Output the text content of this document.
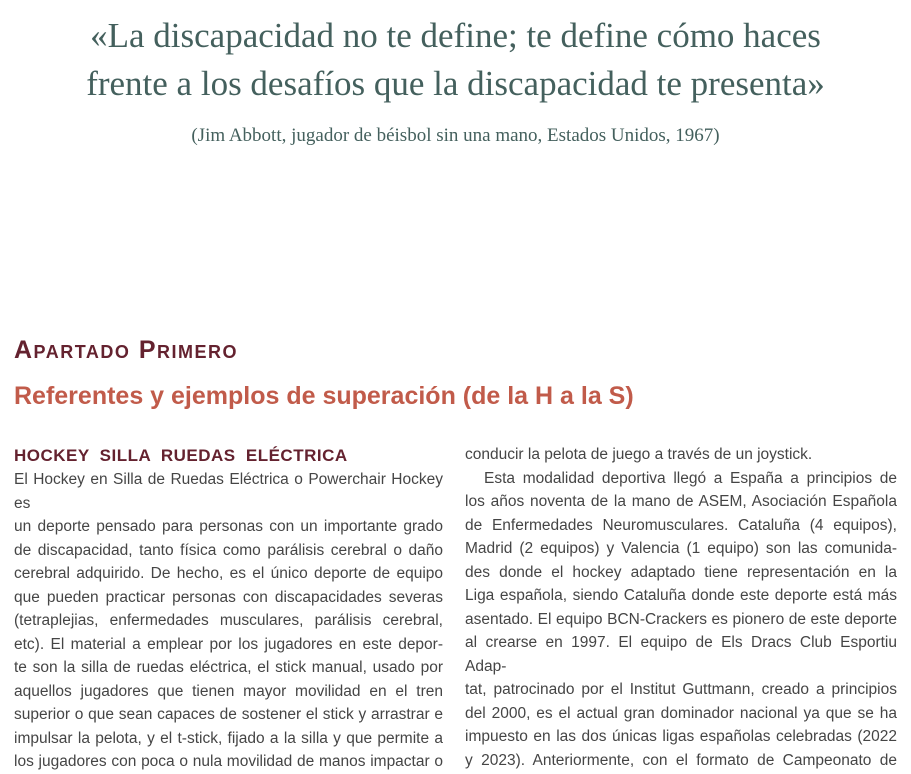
«La discapacidad no te define; te define cómo haces
frente a los desafíos que la discapacidad te presenta»
(Jim Abbott, jugador de béisbol sin una mano, Estados Unidos, 1967)
Apartado Primero
Referentes y ejemplos de superación (de la H a la S)
HOCKEY SILLA RUEDAS ELÉCTRICA
El Hockey en Silla de Ruedas Eléctrica o Powerchair Hockey es
un deporte pensado para personas con un importante grado
de discapacidad, tanto física como parálisis cerebral o daño
cerebral adquirido. De hecho, es el único deporte de equipo
que pueden practicar personas con discapacidades severas
(tetraplejias, enfermedades musculares, parálisis cerebral,
etc). El material a emplear por los jugadores en este depor-
te son la silla de ruedas eléctrica, el stick manual, usado por
aquellos jugadores que tienen mayor movilidad en el tren
superior o que sean capaces de sostener el stick y arrastrar e
impulsar la pelota, y el t-stick, fijado a la silla y que permite a
los jugadores con poca o nula movilidad de manos impactar o
conducir la pelota de juego a través de un joystick.
Esta modalidad deportiva llegó a España a principios de
los años noventa de la mano de ASEM, Asociación Española
de Enfermedades Neuromusculares. Cataluña (4 equipos),
Madrid (2 equipos) y Valencia (1 equipo) son las comunida-
des donde el hockey adaptado tiene representación en la
Liga española, siendo Cataluña donde este deporte está más
asentado. El equipo BCN-Crackers es pionero de este deporte
al crearse en 1997. El equipo de Els Dracs Club Esportiu Adap-
tat, patrocinado por el Institut Guttmann, creado a principios
del 2000, es el actual gran dominador nacional ya que se ha
impuesto en las dos únicas ligas españolas celebradas (2022
y 2023). Anteriormente, con el formato de Campeonato de
